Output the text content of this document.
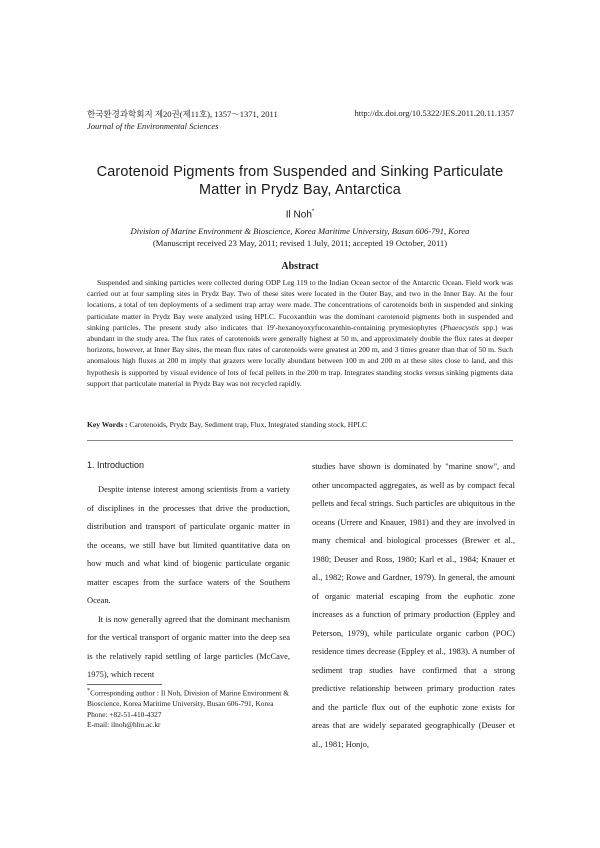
한국환경과학회지 제20권(제11호), 1357～1371, 2011
Journal of the Environmental Sciences
http://dx.doi.org/10.5322/JES.2011.20.11.1357
Carotenoid Pigments from Suspended and Sinking Particulate
Matter in Prydz Bay, Antarctica
Il Noh*
Division of Marine Environment & Bioscience, Korea Maritime University, Busan 606-791, Korea
(Manuscript received 23 May, 2011; revised 1 July, 2011; accepted 19 October, 2011)
Abstract
Suspended and sinking particles were collected during ODP Leg 119 to the Indian Ocean sector of the Antarctic Ocean. Field work was carried out at four sampling sites in Prydz Bay. Two of these sites were located in the Outer Bay, and two in the Inner Bay. At the four locations, a total of ten deployments of a sediment trap array were made. The concentrations of carotenoids both in suspended and sinking particulate matter in Prydz Bay were analyzed using HPLC. Fucoxanthin was the dominant carotenoid pigments both in suspended and sinking particles. The present study also indicates that 19′-hexanoyoxyfucoxanthin-containing prymesiophytes (Phaeocystis spp.) was abundant in the study area. The flux rates of carotenoids were generally highest at 50 m, and approximately double the flux rates at deeper horizons, however, at Inner Bay sites, the mean flux rates of carotenoids were greatest at 200 m, and 3 times greater than that of 50 m. Such anomalous high fluxes at 200 m imply that grazers were locally abundant between 100 m and 200 m at these sites close to land, and this hypothesis is supported by visual evidence of lots of fecal pellets in the 200 m trap. Integrates standing stocks versus sinking pigments data support that particulate material in Prydz Bay was not recycled rapidly.
Key Words : Carotenoids, Prydz Bay, Sediment trap, Flux, Integrated standing stock, HPLC
1. Introduction

Despite intense interest among scientists from a variety of disciplines in the processes that drive the production, distribution and transport of particulate organic matter in the oceans, we still have but limited quantitative data on how much and what kind of biogenic particulate organic matter escapes from the surface waters of the Southern Ocean.

It is now generally agreed that the dominant mechanism for the vertical transport of organic matter into the deep sea is the relatively rapid settling of large particles (McCave, 1975), which recent

studies have shown is dominated by "marine snow", and other uncompacted aggregates, as well as by compact fecal pellets and fecal strings. Such particles are ubiquitous in the oceans (Urrere and Knauer, 1981) and they are involved in many chemical and biological processes (Brewer et al., 1980; Deuser and Ross, 1980; Karl et al., 1984; Knauer et al., 1982; Rowe and Gardner, 1979). In general, the amount of organic material escaping from the euphotic zone increases as a function of primary production (Eppley and Peterson, 1979), while particulate organic carbon (POC) residence times decrease (Eppley et al., 1983). A number of sediment trap studies have confirmed that a strong predictive relationship between primary production rates and the particle flux out of the euphotic zone exists for areas that are widely separated geographically (Deuser et al., 1981; Honjo,

*Corresponding author : Il Noh, Division of Marine Environment & Bioscience, Korea Maritime University, Busan 606-791, Korea
Phone: +82-51-410-4327
E-mail: ilnoh@hhu.ac.kr
